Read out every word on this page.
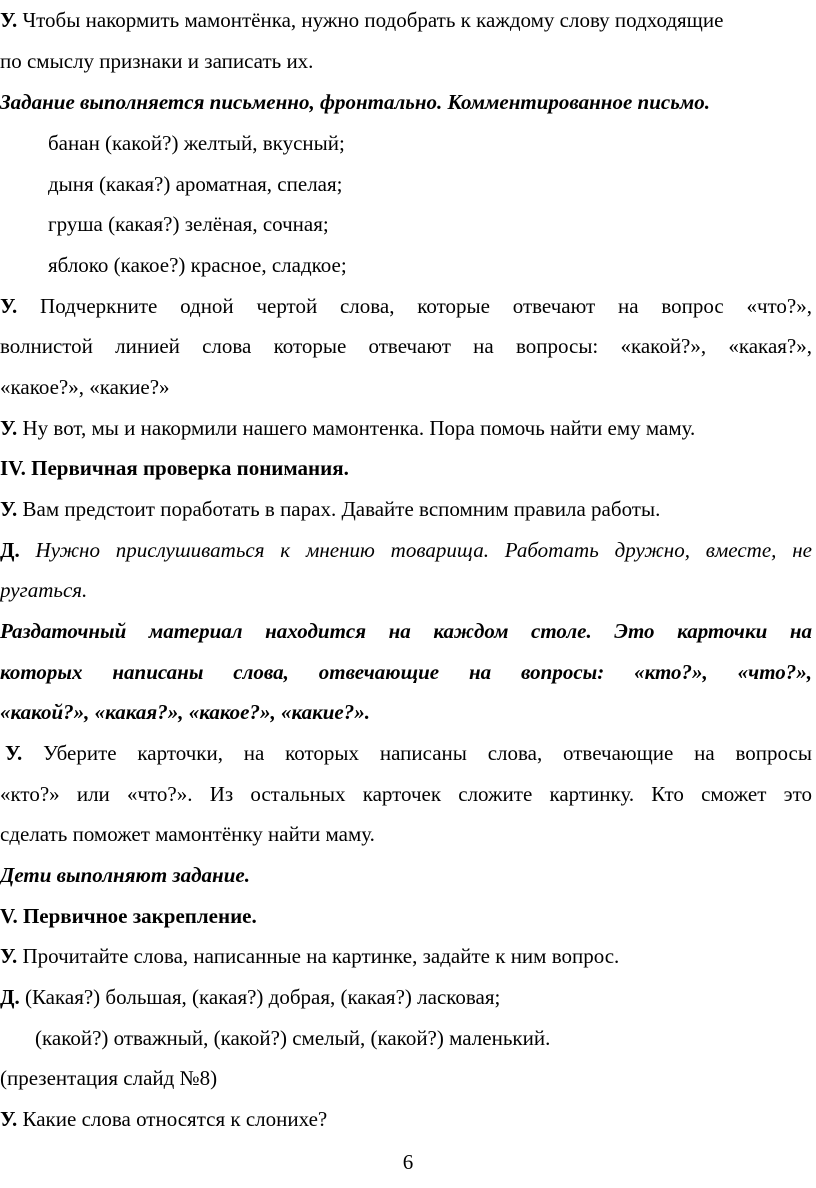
У. Чтобы накормить мамонтёнка, нужно подобрать к каждому слову подходящие
по смыслу признаки и записать их.
Задание выполняется письменно, фронтально. Комментированное письмо.
банан (какой?) желтый, вкусный;
дыня (какая?) ароматная, спелая;
груша (какая?) зелёная, сочная;
яблоко (какое?) красное, сладкое;
У. Подчеркните одной чертой слова, которые отвечают на вопрос «что?»,
волнистой линией слова которые отвечают на вопросы: «какой?», «какая?»,
«какое?», «какие?»
У. Ну вот, мы и накормили нашего мамонтенка. Пора помочь найти ему маму.
IV. Первичная проверка понимания.
У. Вам предстоит поработать в парах. Давайте вспомним правила работы.
Д. Нужно прислушиваться к мнению товарища. Работать дружно, вместе, не
ругаться.
Раздаточный материал находится на каждом столе. Это карточки на
которых написаны слова, отвечающие на вопросы: «кто?», «что?»,
«какой?», «какая?», «какое?», «какие?».
У. Уберите карточки, на которых написаны слова, отвечающие на вопросы
«кто?» или «что?». Из остальных карточек сложите картинку. Кто сможет это
сделать поможет мамонтёнку найти маму.
Дети выполняют задание.
V. Первичное закрепление.
У. Прочитайте слова, написанные на картинке, задайте к ним вопрос.
Д. (Какая?) большая, (какая?) добрая, (какая?) ласковая;
(какой?) отважный, (какой?) смелый, (какой?) маленький.
(презентация слайд №8)
У. Какие слова относятся к слонихе?
6
